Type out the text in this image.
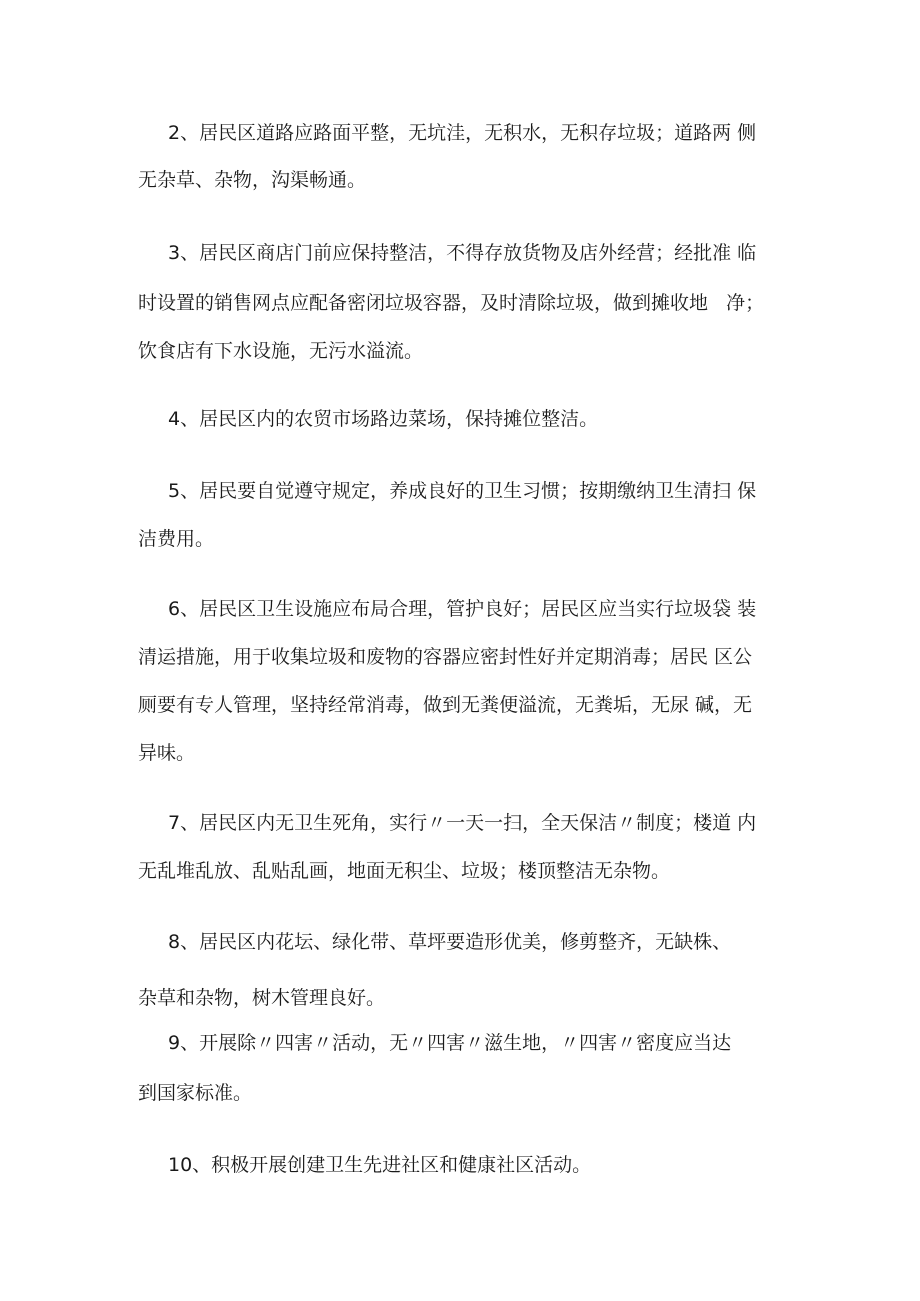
2、居民区道路应路面平整，无坑洼，无积水，无积存垃圾；道路两 侧
无杂草、杂物，沟渠畅通。
3、居民区商店门前应保持整洁，不得存放货物及店外经营；经批准 临
时设置的销售网点应配备密闭垃圾容器，及时清除垃圾，做到摊收地   净；
饮食店有下水设施，无污水溢流。
4、居民区内的农贸市场路边菜场，保持摊位整洁。
5、居民要自觉遵守规定，养成良好的卫生习惯；按期缴纳卫生清扫 保
洁费用。
6、居民区卫生设施应布局合理，管护良好；居民区应当实行垃圾袋 装
清运措施，用于收集垃圾和废物的容器应密封性好并定期消毒；居民 区公
厕要有专人管理，坚持经常消毒，做到无粪便溢流，无粪垢，无尿 碱，无
异味。
7、居民区内无卫生死角，实行〃一天一扫，全天保洁〃制度；楼道 内
无乱堆乱放、乱贴乱画，地面无积尘、垃圾；楼顶整洁无杂物。
8、居民区内花坛、绿化带、草坪要造形优美，修剪整齐，无缺株、
杂草和杂物，树木管理良好。
9、开展除〃四害〃活动，无〃四害〃滋生地，〃四害〃密度应当达
到国家标准。
10、积极开展创建卫生先进社区和健康社区活动。
